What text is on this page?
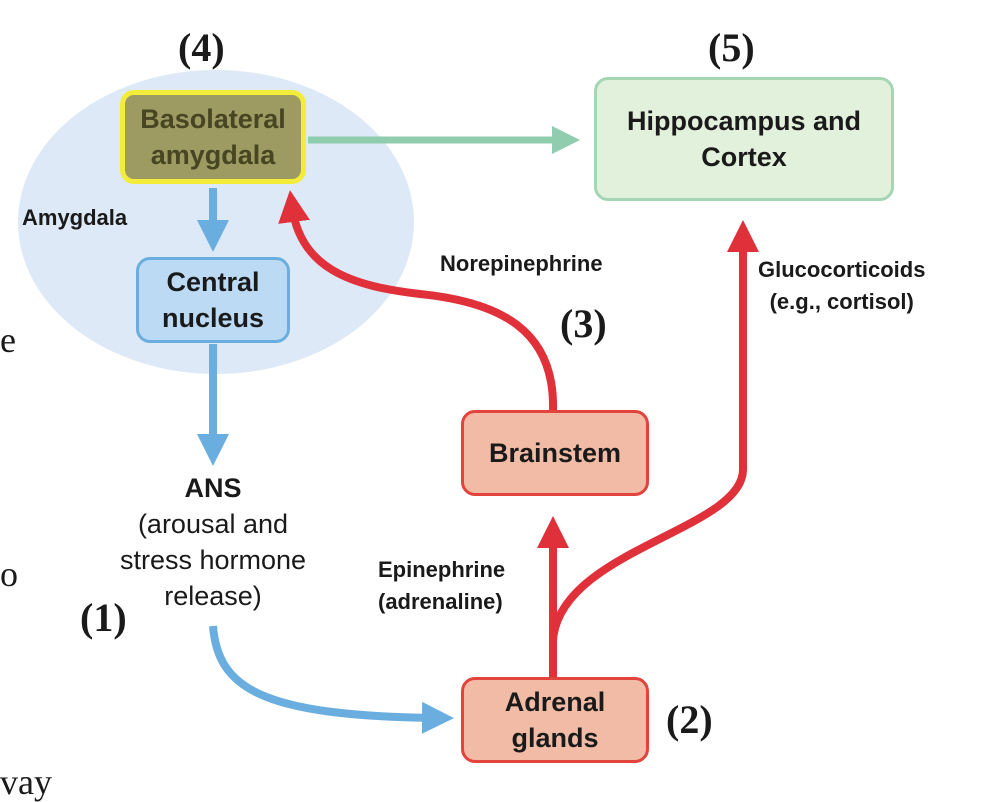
Basolateral
amygdala
Central
nucleus
Hippocampus and
Cortex
Brainstem
Adrenal
glands
Amygdala
Norepinephrine	Glucocorticoids
(e.g., cortisol)
Epinephrine
(adrenaline)
ANS
(arousal and
stress hormone
release)
(1)
(2)
(3)
(4)	(5)
e
o
vay
